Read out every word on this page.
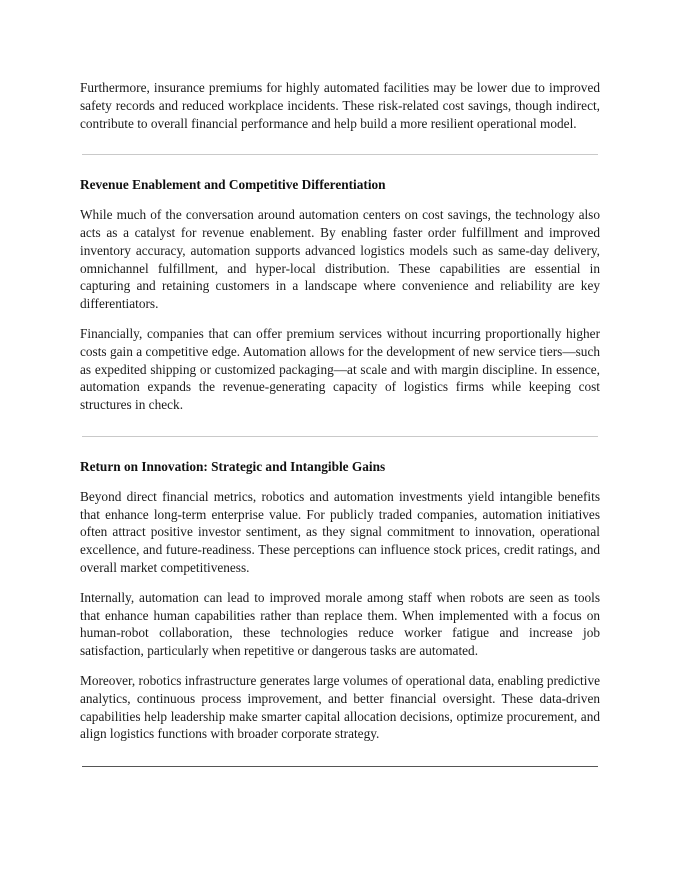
Furthermore, insurance premiums for highly automated facilities may be lower due to improved safety records and reduced workplace incidents. These risk-related cost savings, though indirect, contribute to overall financial performance and help build a more resilient operational model.

Revenue Enablement and Competitive Differentiation

While much of the conversation around automation centers on cost savings, the technology also acts as a catalyst for revenue enablement. By enabling faster order fulfillment and improved inventory accuracy, automation supports advanced logistics models such as same-day delivery, omnichannel fulfillment, and hyper-local distribution. These capabilities are essential in capturing and retaining customers in a landscape where convenience and reliability are key differentiators.

Financially, companies that can offer premium services without incurring proportionally higher costs gain a competitive edge. Automation allows for the development of new service tiers—such as expedited shipping or customized packaging—at scale and with margin discipline. In essence, automation expands the revenue-generating capacity of logistics firms while keeping cost structures in check.

Return on Innovation: Strategic and Intangible Gains

Beyond direct financial metrics, robotics and automation investments yield intangible benefits that enhance long-term enterprise value. For publicly traded companies, automation initiatives often attract positive investor sentiment, as they signal commitment to innovation, operational excellence, and future-readiness. These perceptions can influence stock prices, credit ratings, and overall market competitiveness.

Internally, automation can lead to improved morale among staff when robots are seen as tools that enhance human capabilities rather than replace them. When implemented with a focus on human-robot collaboration, these technologies reduce worker fatigue and increase job satisfaction, particularly when repetitive or dangerous tasks are automated.

Moreover, robotics infrastructure generates large volumes of operational data, enabling predictive analytics, continuous process improvement, and better financial oversight. These data-driven capabilities help leadership make smarter capital allocation decisions, optimize procurement, and align logistics functions with broader corporate strategy.
